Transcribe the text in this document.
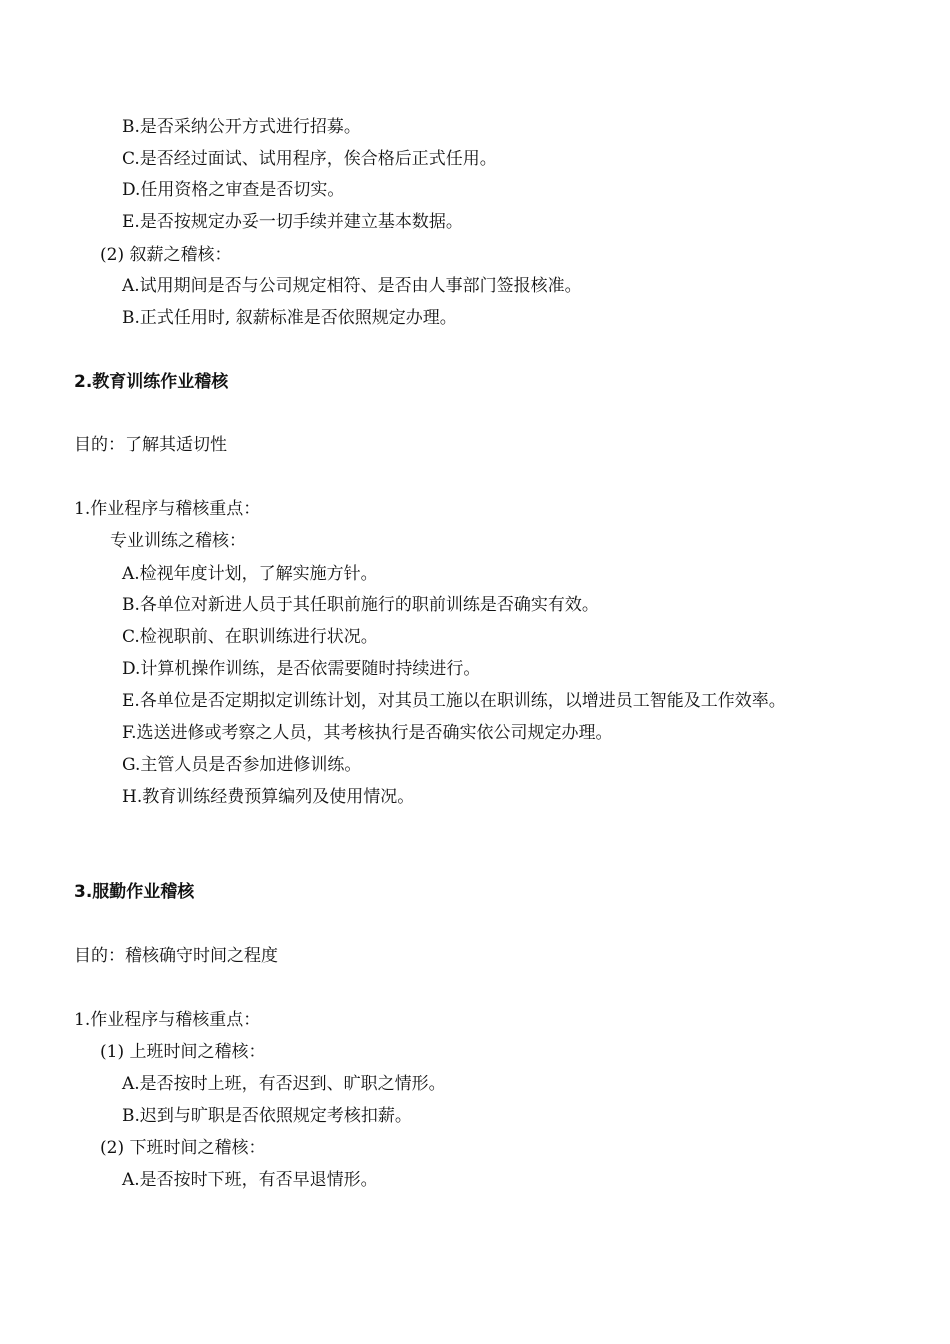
B.是否采纳公开方式进行招募。
C.是否经过面试、试用程序，俟合格后正式任用。
D.任用资格之审查是否切实。
E.是否按规定办妥一切手续并建立基本数据。
(2) 叙薪之稽核：
A.试用期间是否与公司规定相符、是否由人事部门签报核准。
B.正式任用时, 叙薪标准是否依照规定办理。
2.教育训练作业稽核
目的：了解其适切性
1.作业程序与稽核重点：
专业训练之稽核：
A.检视年度计划，了解实施方针。
B.各单位对新进人员于其任职前施行的职前训练是否确实有效。
C.检视职前、在职训练进行状况。
D.计算机操作训练，是否依需要随时持续进行。
E.各单位是否定期拟定训练计划，对其员工施以在职训练，以增进员工智能及工作效率。
F.选送进修或考察之人员，其考核执行是否确实依公司规定办理。
G.主管人员是否参加进修训练。
H.教育训练经费预算编列及使用情况。
3.服勤作业稽核
目的：稽核确守时间之程度
1.作业程序与稽核重点：
(1) 上班时间之稽核：
A.是否按时上班，有否迟到、旷职之情形。
B.迟到与旷职是否依照规定考核扣薪。
(2) 下班时间之稽核：
A.是否按时下班，有否早退情形。
